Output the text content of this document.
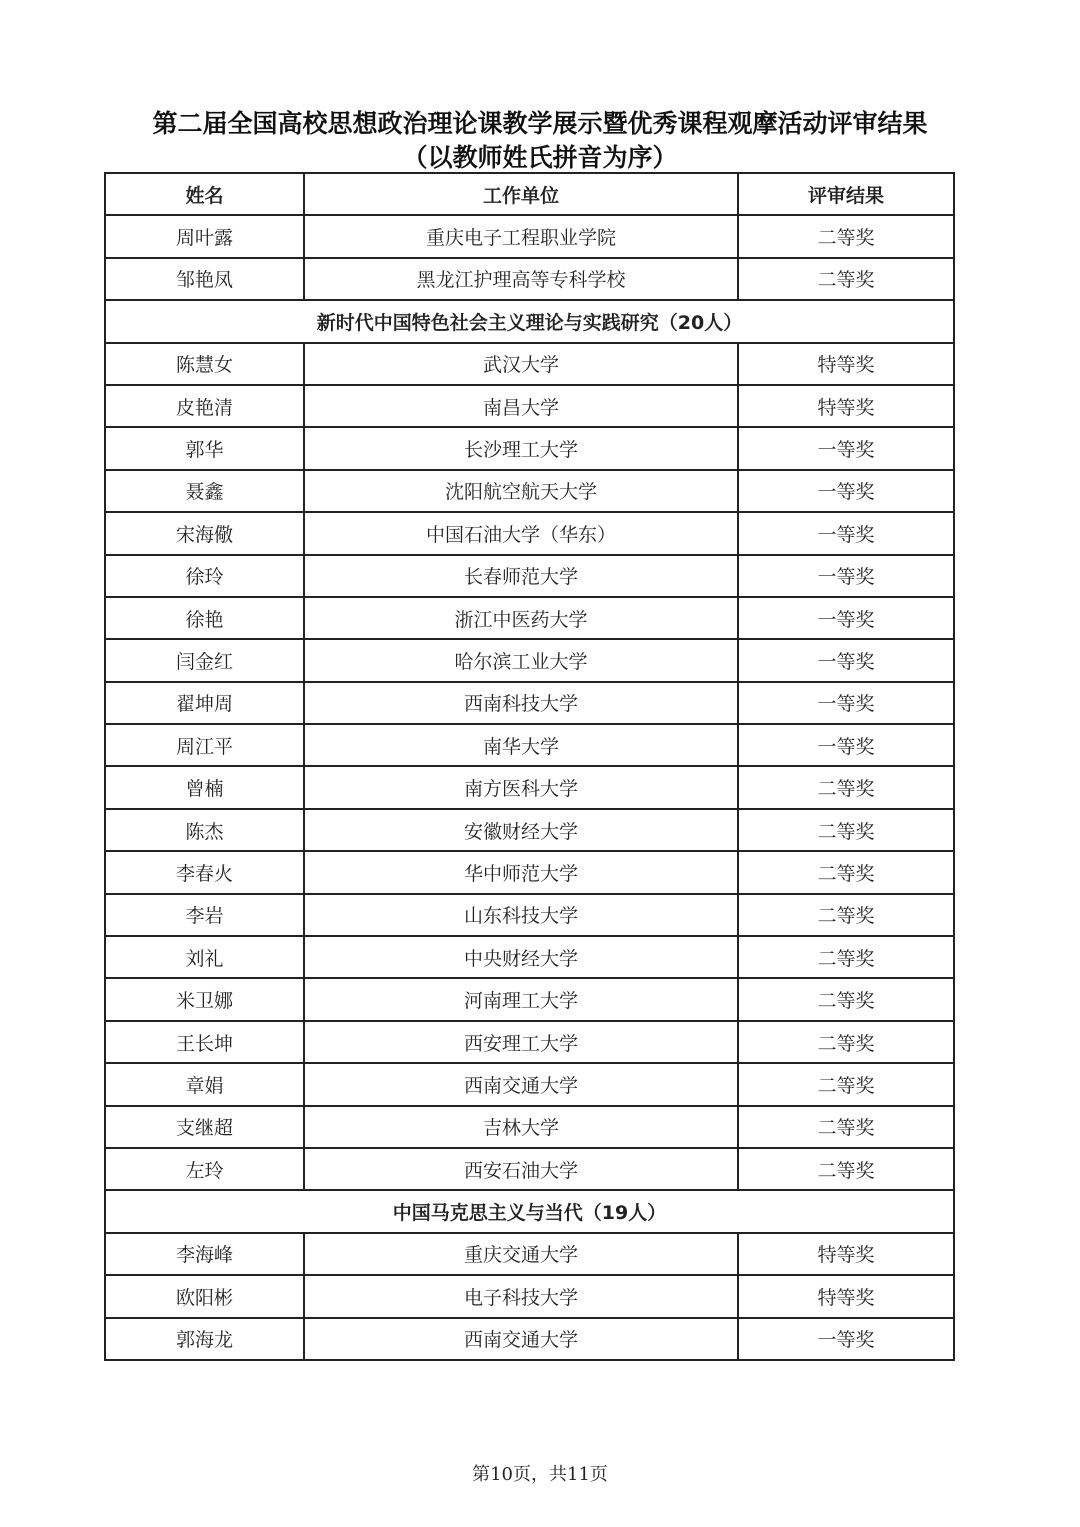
第二届全国高校思想政治理论课教学展示暨优秀课程观摩活动评审结果
（以教师姓氏拼音为序）
姓名	工作单位	评审结果
周叶露	重庆电子工程职业学院	二等奖
邹艳凤	黑龙江护理高等专科学校	二等奖
新时代中国特色社会主义理论与实践研究（20人）		
陈慧女	武汉大学	特等奖
皮艳清	南昌大学	特等奖
郭华	长沙理工大学	一等奖
聂鑫	沈阳航空航天大学	一等奖
宋海儆	中国石油大学（华东）	一等奖
徐玲	长春师范大学	一等奖
徐艳	浙江中医药大学	一等奖
闫金红	哈尔滨工业大学	一等奖
翟坤周	西南科技大学	一等奖
周江平	南华大学	一等奖
曾楠	南方医科大学	二等奖
陈杰	安徽财经大学	二等奖
李春火	华中师范大学	二等奖
李岩	山东科技大学	二等奖
刘礼	中央财经大学	二等奖
米卫娜	河南理工大学	二等奖
王长坤	西安理工大学	二等奖
章娟	西南交通大学	二等奖
支继超	吉林大学	二等奖
左玲	西安石油大学	二等奖
中国马克思主义与当代（19人）		
李海峰	重庆交通大学	特等奖
欧阳彬	电子科技大学	特等奖
郭海龙	西南交通大学	一等奖
第10页，共11页
